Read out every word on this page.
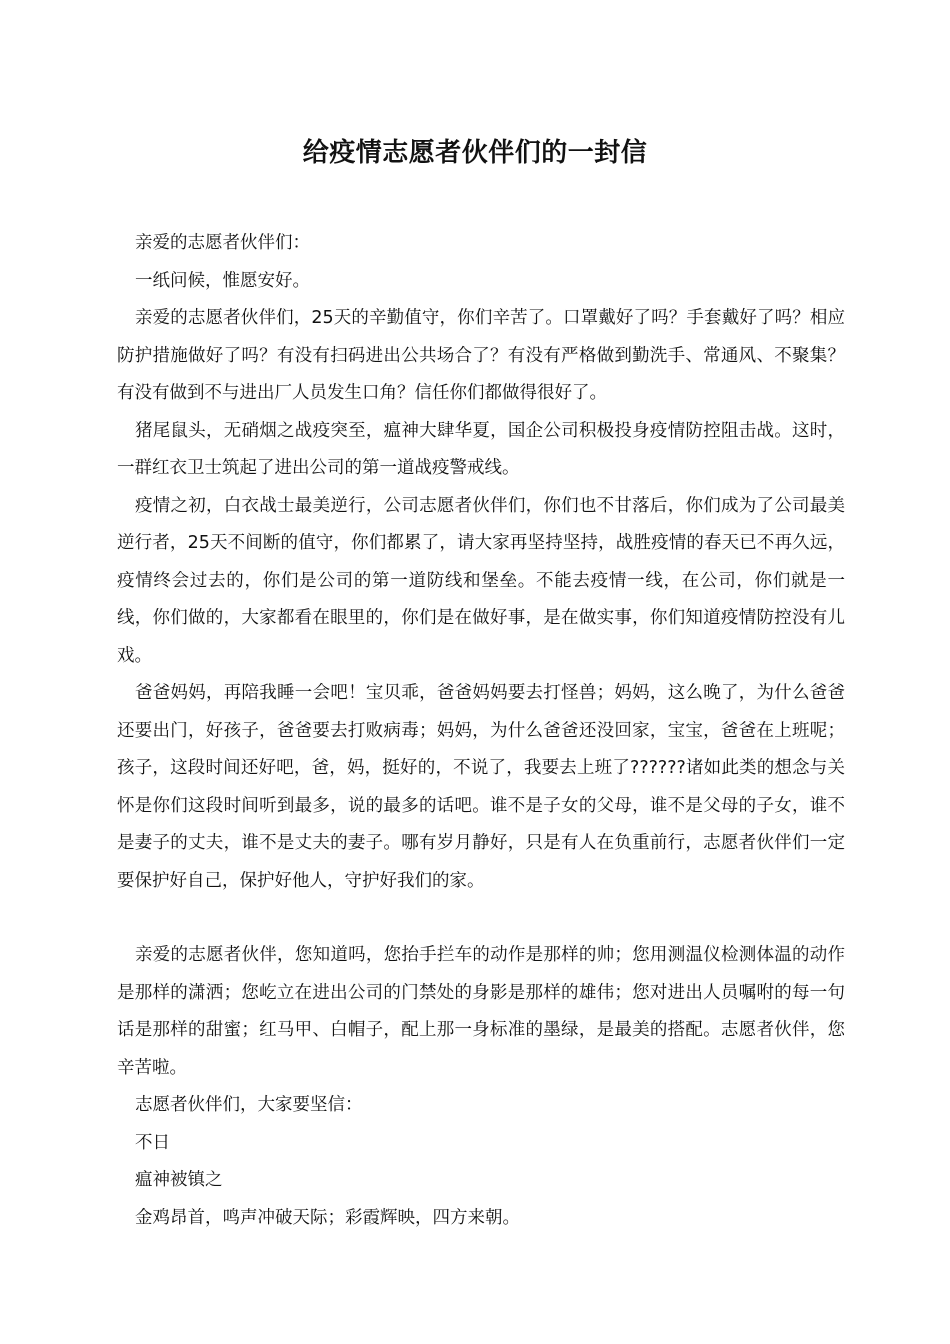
给疫情志愿者伙伴们的一封信

亲爱的志愿者伙伴们：

一纸问候，惟愿安好。

亲爱的志愿者伙伴们，25天的辛勤值守，你们辛苦了。口罩戴好了吗？手套戴好了吗？相应防护措施做好了吗？有没有扫码进出公共场合了？有没有严格做到勤洗手、常通风、不聚集？有没有做到不与进出厂人员发生口角？信任你们都做得很好了。

猪尾鼠头，无硝烟之战疫突至，瘟神大肆华夏，国企公司积极投身疫情防控阻击战。这时，一群红衣卫士筑起了进出公司的第一道战疫警戒线。

疫情之初，白衣战士最美逆行，公司志愿者伙伴们，你们也不甘落后，你们成为了公司最美逆行者，25天不间断的值守，你们都累了，请大家再坚持坚持，战胜疫情的春天已不再久远，疫情终会过去的，你们是公司的第一道防线和堡垒。不能去疫情一线，在公司，你们就是一线，你们做的，大家都看在眼里的，你们是在做好事，是在做实事，你们知道疫情防控没有儿戏。

爸爸妈妈，再陪我睡一会吧！宝贝乖，爸爸妈妈要去打怪兽；妈妈，这么晚了，为什么爸爸还要出门，好孩子，爸爸要去打败病毒；妈妈，为什么爸爸还没回家，宝宝，爸爸在上班呢；孩子，这段时间还好吧，爸，妈，挺好的，不说了，我要去上班了??????诸如此类的想念与关怀是你们这段时间听到最多，说的最多的话吧。谁不是子女的父母，谁不是父母的子女，谁不是妻子的丈夫，谁不是丈夫的妻子。哪有岁月静好，只是有人在负重前行，志愿者伙伴们一定要保护好自己，保护好他人，守护好我们的家。

亲爱的志愿者伙伴，您知道吗，您抬手拦车的动作是那样的帅；您用测温仪检测体温的动作是那样的潇洒；您屹立在进出公司的门禁处的身影是那样的雄伟；您对进出人员嘱咐的每一句话是那样的甜蜜；红马甲、白帽子，配上那一身标准的墨绿，是最美的搭配。志愿者伙伴，您辛苦啦。

志愿者伙伴们，大家要坚信：

不日

瘟神被镇之

金鸡昂首，鸣声冲破天际；彩霞辉映，四方来朝。
